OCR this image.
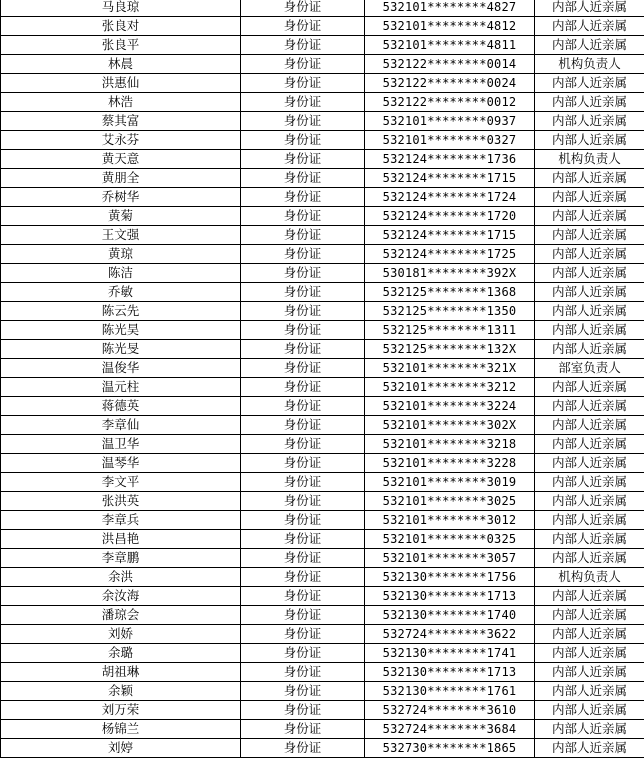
马良琼	身份证	532101********4827	内部人近亲属
张良对	身份证	532101********4812	内部人近亲属
张良平	身份证	532101********4811	内部人近亲属
林晨	身份证	532122********0014	机构负责人
洪惠仙	身份证	532122********0024	内部人近亲属
林浩	身份证	532122********0012	内部人近亲属
蔡其富	身份证	532101********0937	内部人近亲属
艾永芬	身份证	532101********0327	内部人近亲属
黄天意	身份证	532124********1736	机构负责人
黄朋全	身份证	532124********1715	内部人近亲属
乔树华	身份证	532124********1724	内部人近亲属
黄菊	身份证	532124********1720	内部人近亲属
王文强	身份证	532124********1715	内部人近亲属
黄琼	身份证	532124********1725	内部人近亲属
陈洁	身份证	530181********392X	内部人近亲属
乔敏	身份证	532125********1368	内部人近亲属
陈云先	身份证	532125********1350	内部人近亲属
陈光昊	身份证	532125********1311	内部人近亲属
陈光旻	身份证	532125********132X	内部人近亲属
温俊华	身份证	532101********321X	部室负责人
温元柱	身份证	532101********3212	内部人近亲属
蒋德英	身份证	532101********3224	内部人近亲属
李章仙	身份证	532101********302X	内部人近亲属
温卫华	身份证	532101********3218	内部人近亲属
温琴华	身份证	532101********3228	内部人近亲属
李文平	身份证	532101********3019	内部人近亲属
张洪英	身份证	532101********3025	内部人近亲属
李章兵	身份证	532101********3012	内部人近亲属
洪昌艳	身份证	532101********0325	内部人近亲属
李章鹏	身份证	532101********3057	内部人近亲属
余洪	身份证	532130********1756	机构负责人
余汝海	身份证	532130********1713	内部人近亲属
潘琼会	身份证	532130********1740	内部人近亲属
刘娇	身份证	532724********3622	内部人近亲属
余璐	身份证	532130********1741	内部人近亲属
胡祖琳	身份证	532130********1713	内部人近亲属
余颖	身份证	532130********1761	内部人近亲属
刘万荣	身份证	532724********3610	内部人近亲属
杨锦兰	身份证	532724********3684	内部人近亲属
刘婷	身份证	532730********1865	内部人近亲属
